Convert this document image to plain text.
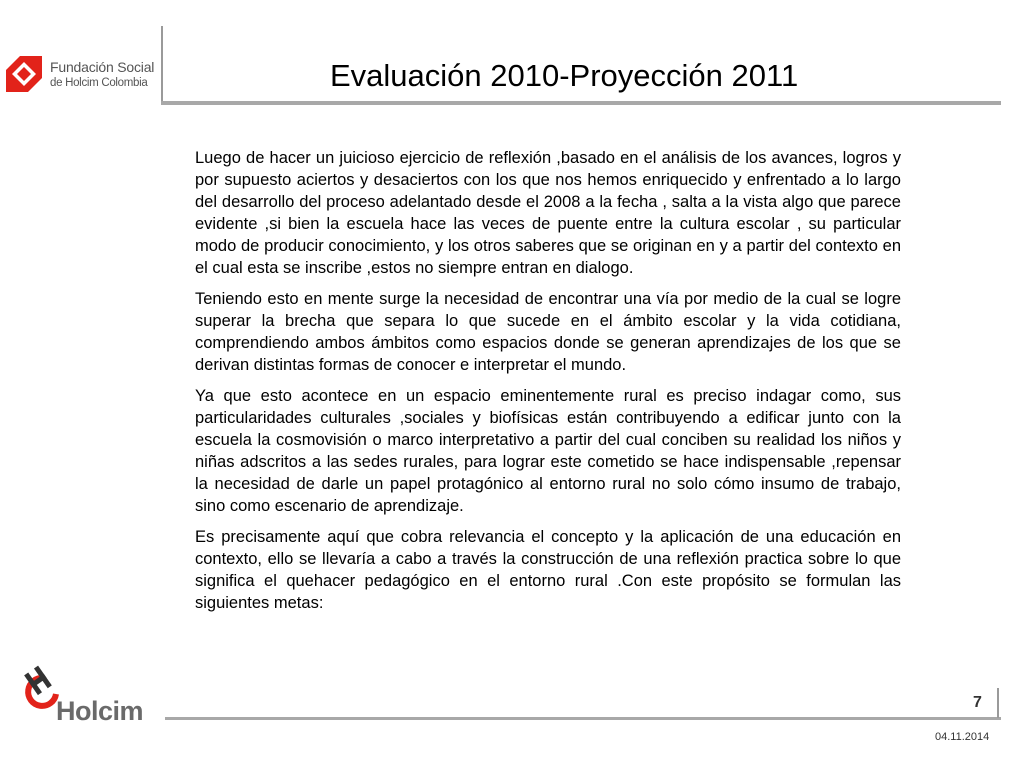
Fundación Social
de Holcim Colombia	Evaluación 2010-Proyección 2011

Luego de hacer un juicioso ejercicio de reflexión ,basado en el análisis de los avances, logros y por supuesto aciertos y desaciertos con los que nos hemos enriquecido y enfrentado a lo largo del desarrollo del proceso adelantado desde el 2008 a la fecha , salta a la vista algo que parece evidente ,si bien la escuela hace las veces de puente entre la cultura escolar , su particular modo de producir conocimiento, y los otros saberes que se originan en y a partir del contexto en el cual esta se inscribe ,estos no siempre entran en dialogo.

Teniendo esto en mente surge la necesidad de encontrar una vía por medio de la cual se logre superar la brecha que separa lo que sucede en el ámbito escolar y la vida cotidiana, comprendiendo ambos ámbitos como espacios donde se generan aprendizajes de los que se derivan distintas formas de conocer e interpretar el mundo.

Ya que esto acontece en un espacio eminentemente rural es preciso indagar como, sus particularidades culturales ,sociales y biofísicas están contribuyendo a edificar junto con la escuela la cosmovisión o marco interpretativo a partir del cual conciben su realidad los niños y niñas adscritos a las sedes rurales, para lograr este cometido se hace indispensable ,repensar la necesidad de darle un papel protagónico al entorno rural no solo cómo insumo de trabajo, sino como escenario de aprendizaje.

Es precisamente aquí que cobra relevancia el concepto y la aplicación de una educación en contexto, ello se llevaría a cabo a través la construcción de una reflexión practica sobre lo que significa el quehacer pedagógico en el entorno rural .Con este propósito se formulan las siguientes metas:

Holcim	7
04.11.2014
